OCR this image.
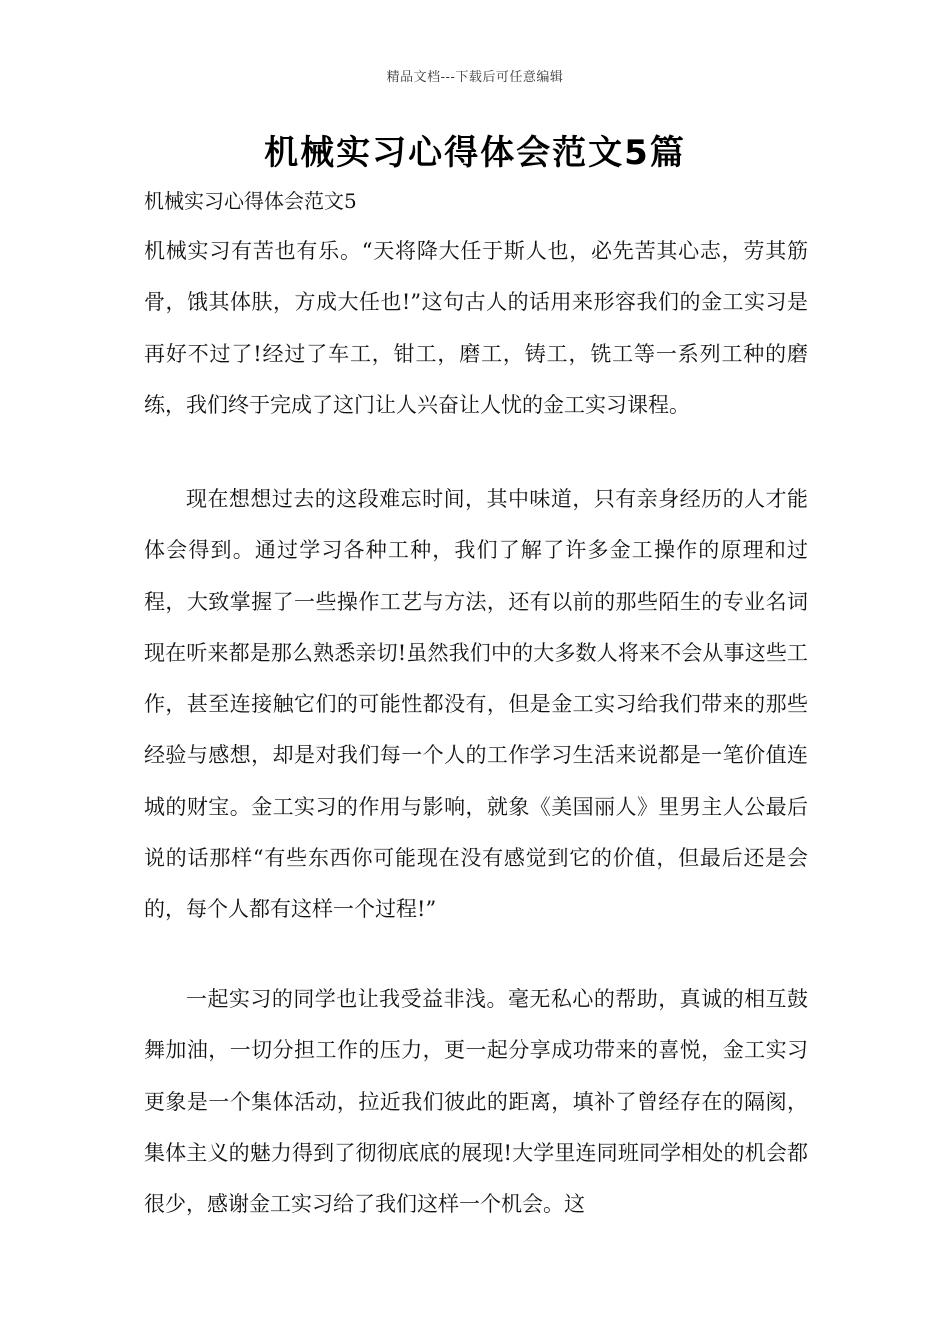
精品文档---下载后可任意编辑
机械实习心得体会范文5篇
机械实习心得体会范文5

机械实习有苦也有乐。“天将降大任于斯人也，必先苦其心志，劳其筋骨，饿其体肤，方成大任也!”这句古人的话用来形容我们的金工实习是再好不过了!经过了车工，钳工，磨工，铸工，铣工等一系列工种的磨练，我们终于完成了这门让人兴奋让人忧的金工实习课程。

现在想想过去的这段难忘时间，其中味道，只有亲身经历的人才能体会得到。通过学习各种工种，我们了解了许多金工操作的原理和过程，大致掌握了一些操作工艺与方法，还有以前的那些陌生的专业名词现在听来都是那么熟悉亲切!虽然我们中的大多数人将来不会从事这些工作，甚至连接触它们的可能性都没有，但是金工实习给我们带来的那些经验与感想，却是对我们每一个人的工作学习生活来说都是一笔价值连城的财宝。金工实习的作用与影响，就象《美国丽人》里男主人公最后说的话那样“有些东西你可能现在没有感觉到它的价值，但最后还是会的，每个人都有这样一个过程!”

一起实习的同学也让我受益非浅。毫无私心的帮助，真诚的相互鼓舞加油，一切分担工作的压力，更一起分享成功带来的喜悦，金工实习更象是一个集体活动，拉近我们彼此的距离，填补了曾经存在的隔阂，集体主义的魅力得到了彻彻底底的展现!大学里连同班同学相处的机会都很少，感谢金工实习给了我们这样一个机会。这
